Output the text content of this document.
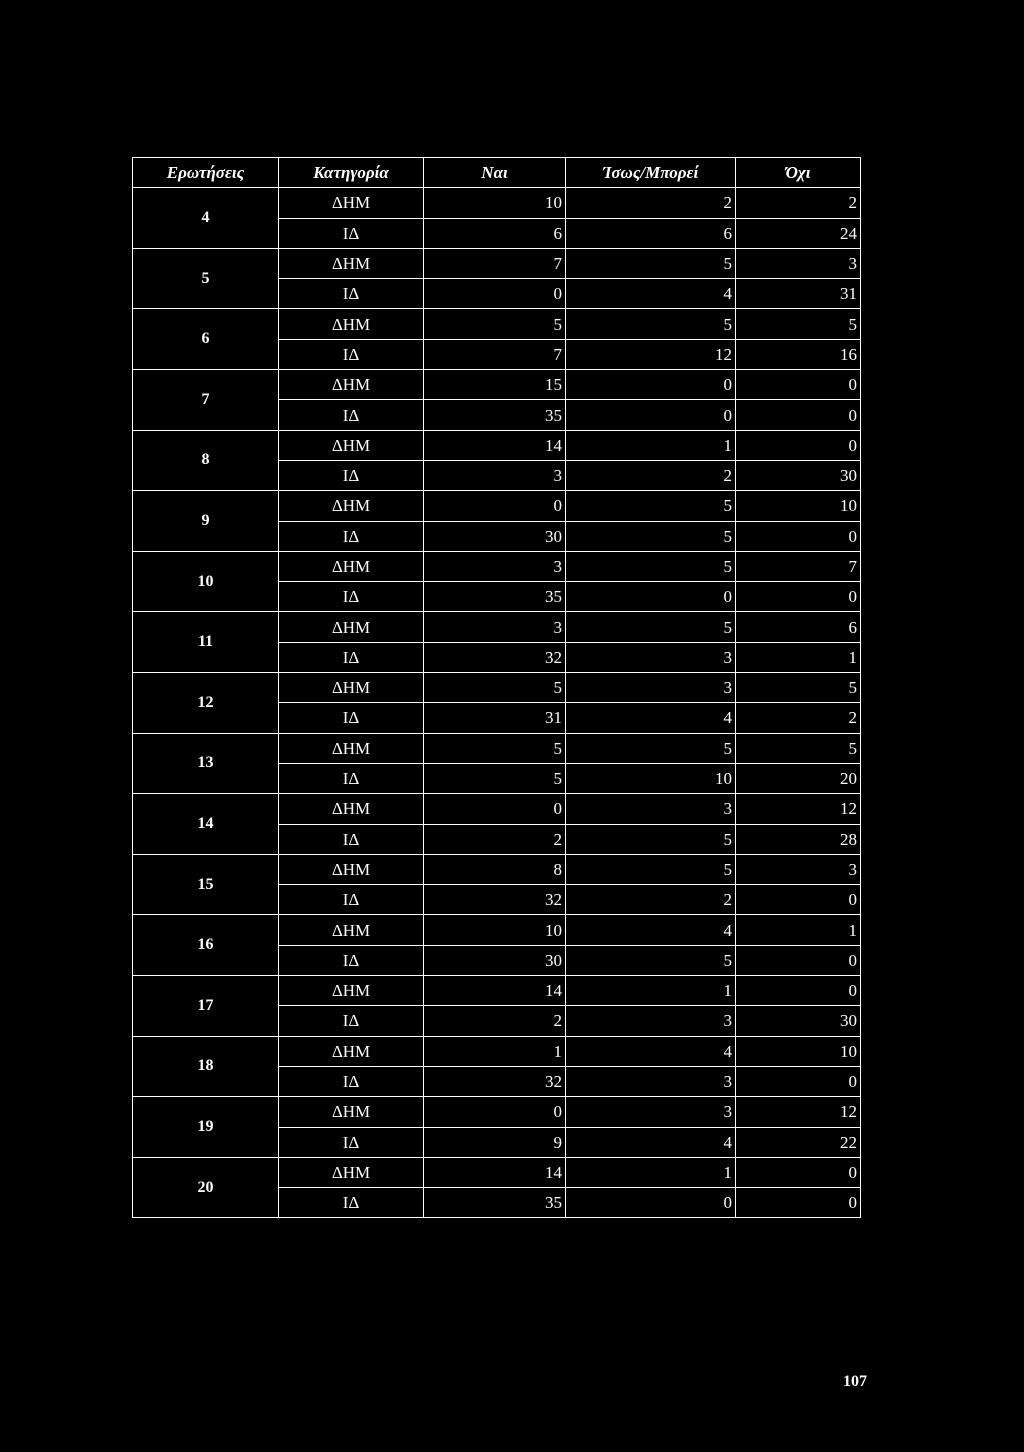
Ερωτήσεις	Κατηγορία	Ναι	Ίσως/Μπορεί	Όχι
4	ΔΗΜ	10	2	2
	ΙΔ	6	6	24
5	ΔΗΜ	7	5	3
	ΙΔ	0	4	31
6	ΔΗΜ	5	5	5
	ΙΔ	7	12	16
7	ΔΗΜ	15	0	0
	ΙΔ	35	0	0
8	ΔΗΜ	14	1	0
	ΙΔ	3	2	30
9	ΔΗΜ	0	5	10
	ΙΔ	30	5	0
10	ΔΗΜ	3	5	7
	ΙΔ	35	0	0
11	ΔΗΜ	3	5	6
	ΙΔ	32	3	1
12	ΔΗΜ	5	3	5
	ΙΔ	31	4	2
13	ΔΗΜ	5	5	5
	ΙΔ	5	10	20
14	ΔΗΜ	0	3	12
	ΙΔ	2	5	28
15	ΔΗΜ	8	5	3
	ΙΔ	32	2	0
16	ΔΗΜ	10	4	1
	ΙΔ	30	5	0
17	ΔΗΜ	14	1	0
	ΙΔ	2	3	30
18	ΔΗΜ	1	4	10
	ΙΔ	32	3	0
19	ΔΗΜ	0	3	12
	ΙΔ	9	4	22
20	ΔΗΜ	14	1	0
	ΙΔ	35	0	0
107
